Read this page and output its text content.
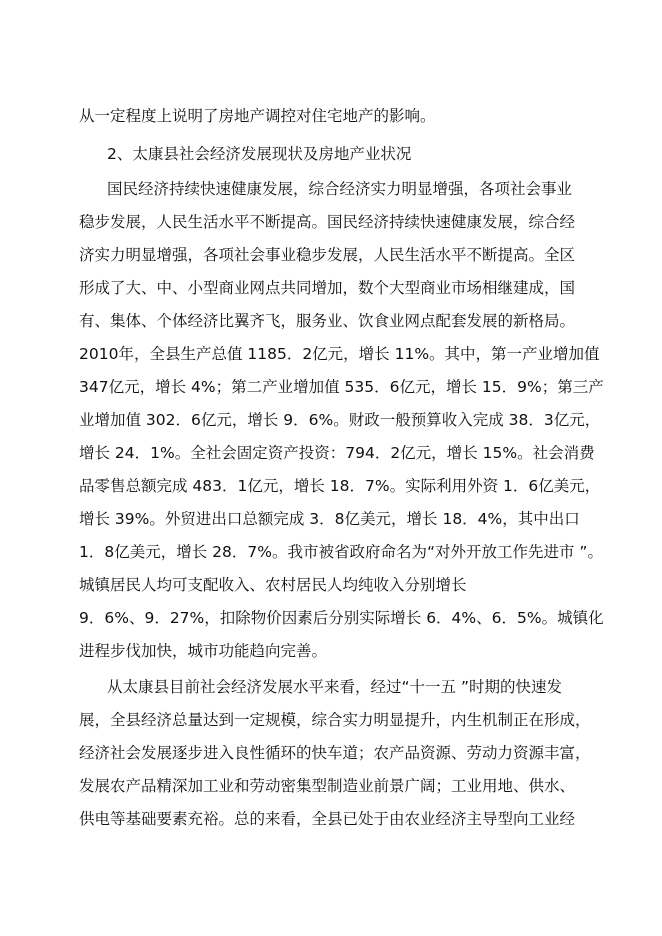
从一定程度上说明了房地产调控对住宅地产的影响。
2、太康县社会经济发展现状及房地产业状况
国民经济持续快速健康发展，综合经济实力明显增强，各项社会事业
稳步发展，人民生活水平不断提高。国民经济持续快速健康发展，综合经
济实力明显增强，各项社会事业稳步发展，人民生活水平不断提高。全区
形成了大、中、小型商业网点共同增加，数个大型商业市场相继建成，国
有、集体、个体经济比翼齐飞，服务业、饮食业网点配套发展的新格局。
2010年，全县生产总值 1185．2亿元，增长 11%。其中，第一产业增加值
347亿元，增长 4%；第二产业增加值 535．6亿元，增长 15．9%；第三产
业增加值 302．6亿元，增长 9．6%。财政一般预算收入完成 38．3亿元，
增长 24．1%。全社会固定资产投资：794．2亿元，增长 15%。社会消费
品零售总额完成 483．1亿元，增长 18．7%。实际利用外资 1．6亿美元，
增长 39%。外贸进出口总额完成 3．8亿美元，增长 18．4%，其中出口
1．8亿美元，增长 28．7%。我市被省政府命名为“对外开放工作先进市 ”。
城镇居民人均可支配收入、农村居民人均纯收入分别增长
9．6%、9．27%，扣除物价因素后分别实际增长 6．4%、6．5%。城镇化
进程步伐加快，城市功能趋向完善。
从太康县目前社会经济发展水平来看，经过“十一五 ”时期的快速发
展，全县经济总量达到一定规模，综合实力明显提升，内生机制正在形成，
经济社会发展逐步进入良性循环的快车道；农产品资源、劳动力资源丰富，
发展农产品精深加工业和劳动密集型制造业前景广阔；工业用地、供水、
供电等基础要素充裕。总的来看，全县已处于由农业经济主导型向工业经
